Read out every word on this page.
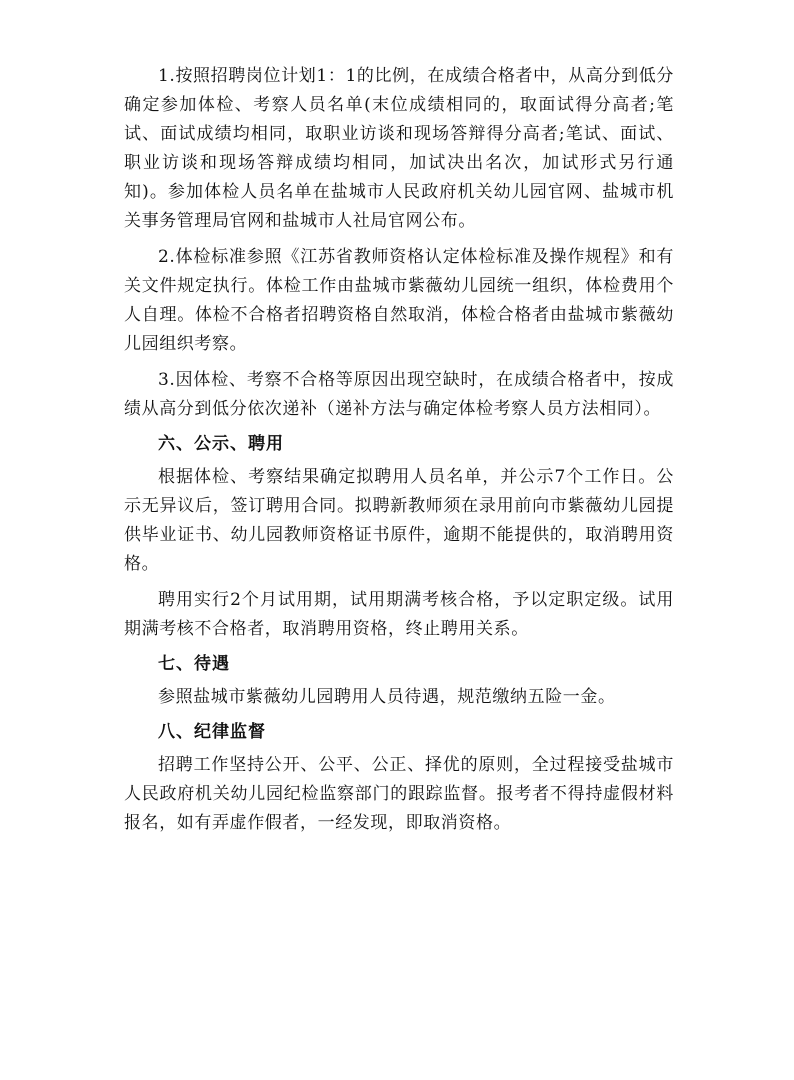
1.按照招聘岗位计划1：1的比例，在成绩合格者中，从高分到低分确定参加体检、考察人员名单(末位成绩相同的，取面试得分高者;笔试、面试成绩均相同，取职业访谈和现场答辩得分高者;笔试、面试、职业访谈和现场答辩成绩均相同，加试决出名次，加试形式另行通知)。参加体检人员名单在盐城市人民政府机关幼儿园官网、盐城市机关事务管理局官网和盐城市人社局官网公布。

2.体检标准参照《江苏省教师资格认定体检标准及操作规程》和有关文件规定执行。体检工作由盐城市紫薇幼儿园统一组织，体检费用个人自理。体检不合格者招聘资格自然取消，体检合格者由盐城市紫薇幼儿园组织考察。

3.因体检、考察不合格等原因出现空缺时，在成绩合格者中，按成绩从高分到低分依次递补（递补方法与确定体检考察人员方法相同）。

六、公示、聘用

根据体检、考察结果确定拟聘用人员名单，并公示7个工作日。公示无异议后，签订聘用合同。拟聘新教师须在录用前向市紫薇幼儿园提供毕业证书、幼儿园教师资格证书原件，逾期不能提供的，取消聘用资格。

聘用实行2个月试用期，试用期满考核合格，予以定职定级。试用期满考核不合格者，取消聘用资格，终止聘用关系。

七、待遇

参照盐城市紫薇幼儿园聘用人员待遇，规范缴纳五险一金。

八、纪律监督

招聘工作坚持公开、公平、公正、择优的原则，全过程接受盐城市人民政府机关幼儿园纪检监察部门的跟踪监督。报考者不得持虚假材料报名，如有弄虚作假者，一经发现，即取消资格。
